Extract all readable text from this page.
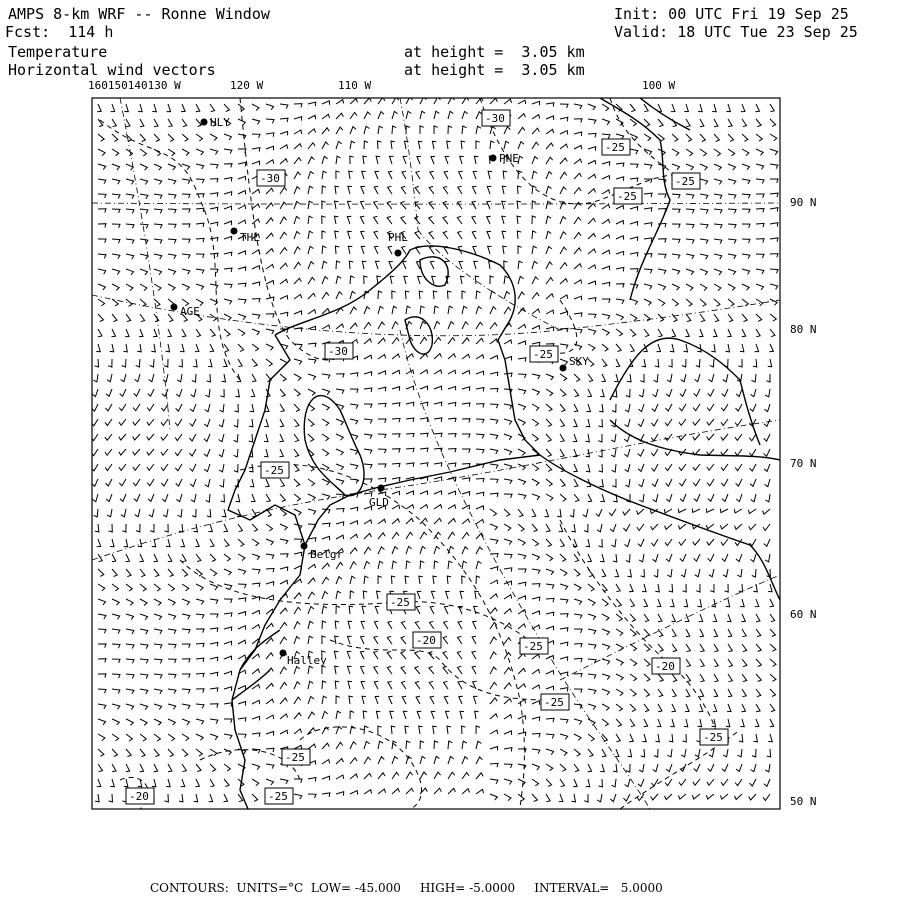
AMPS 8-km WRF -- Ronne Window	Init: 00 UTC Fri 19 Sep 25
Fcst:  114 h	Valid: 18 UTC Tue 23 Sep 25
Temperature
Horizontal wind vectors
at height =  3.05 km
at height =  3.05 km
160150140130 W	120 W	110 W	100 W
90 N
80 N
70 N
60 N
50 N
HLY
PNE
THL	PHL
AGE
SKY
GLD
Belgr
Halley
-30
-25
-30
-25
-30	-25
-25
-25
-25
-20	-25
-20
-25
-25
-25
-20	-25
CONTOURS:  UNITS=°C  LOW= -45.000     HIGH= -5.0000     INTERVAL=   5.0000
